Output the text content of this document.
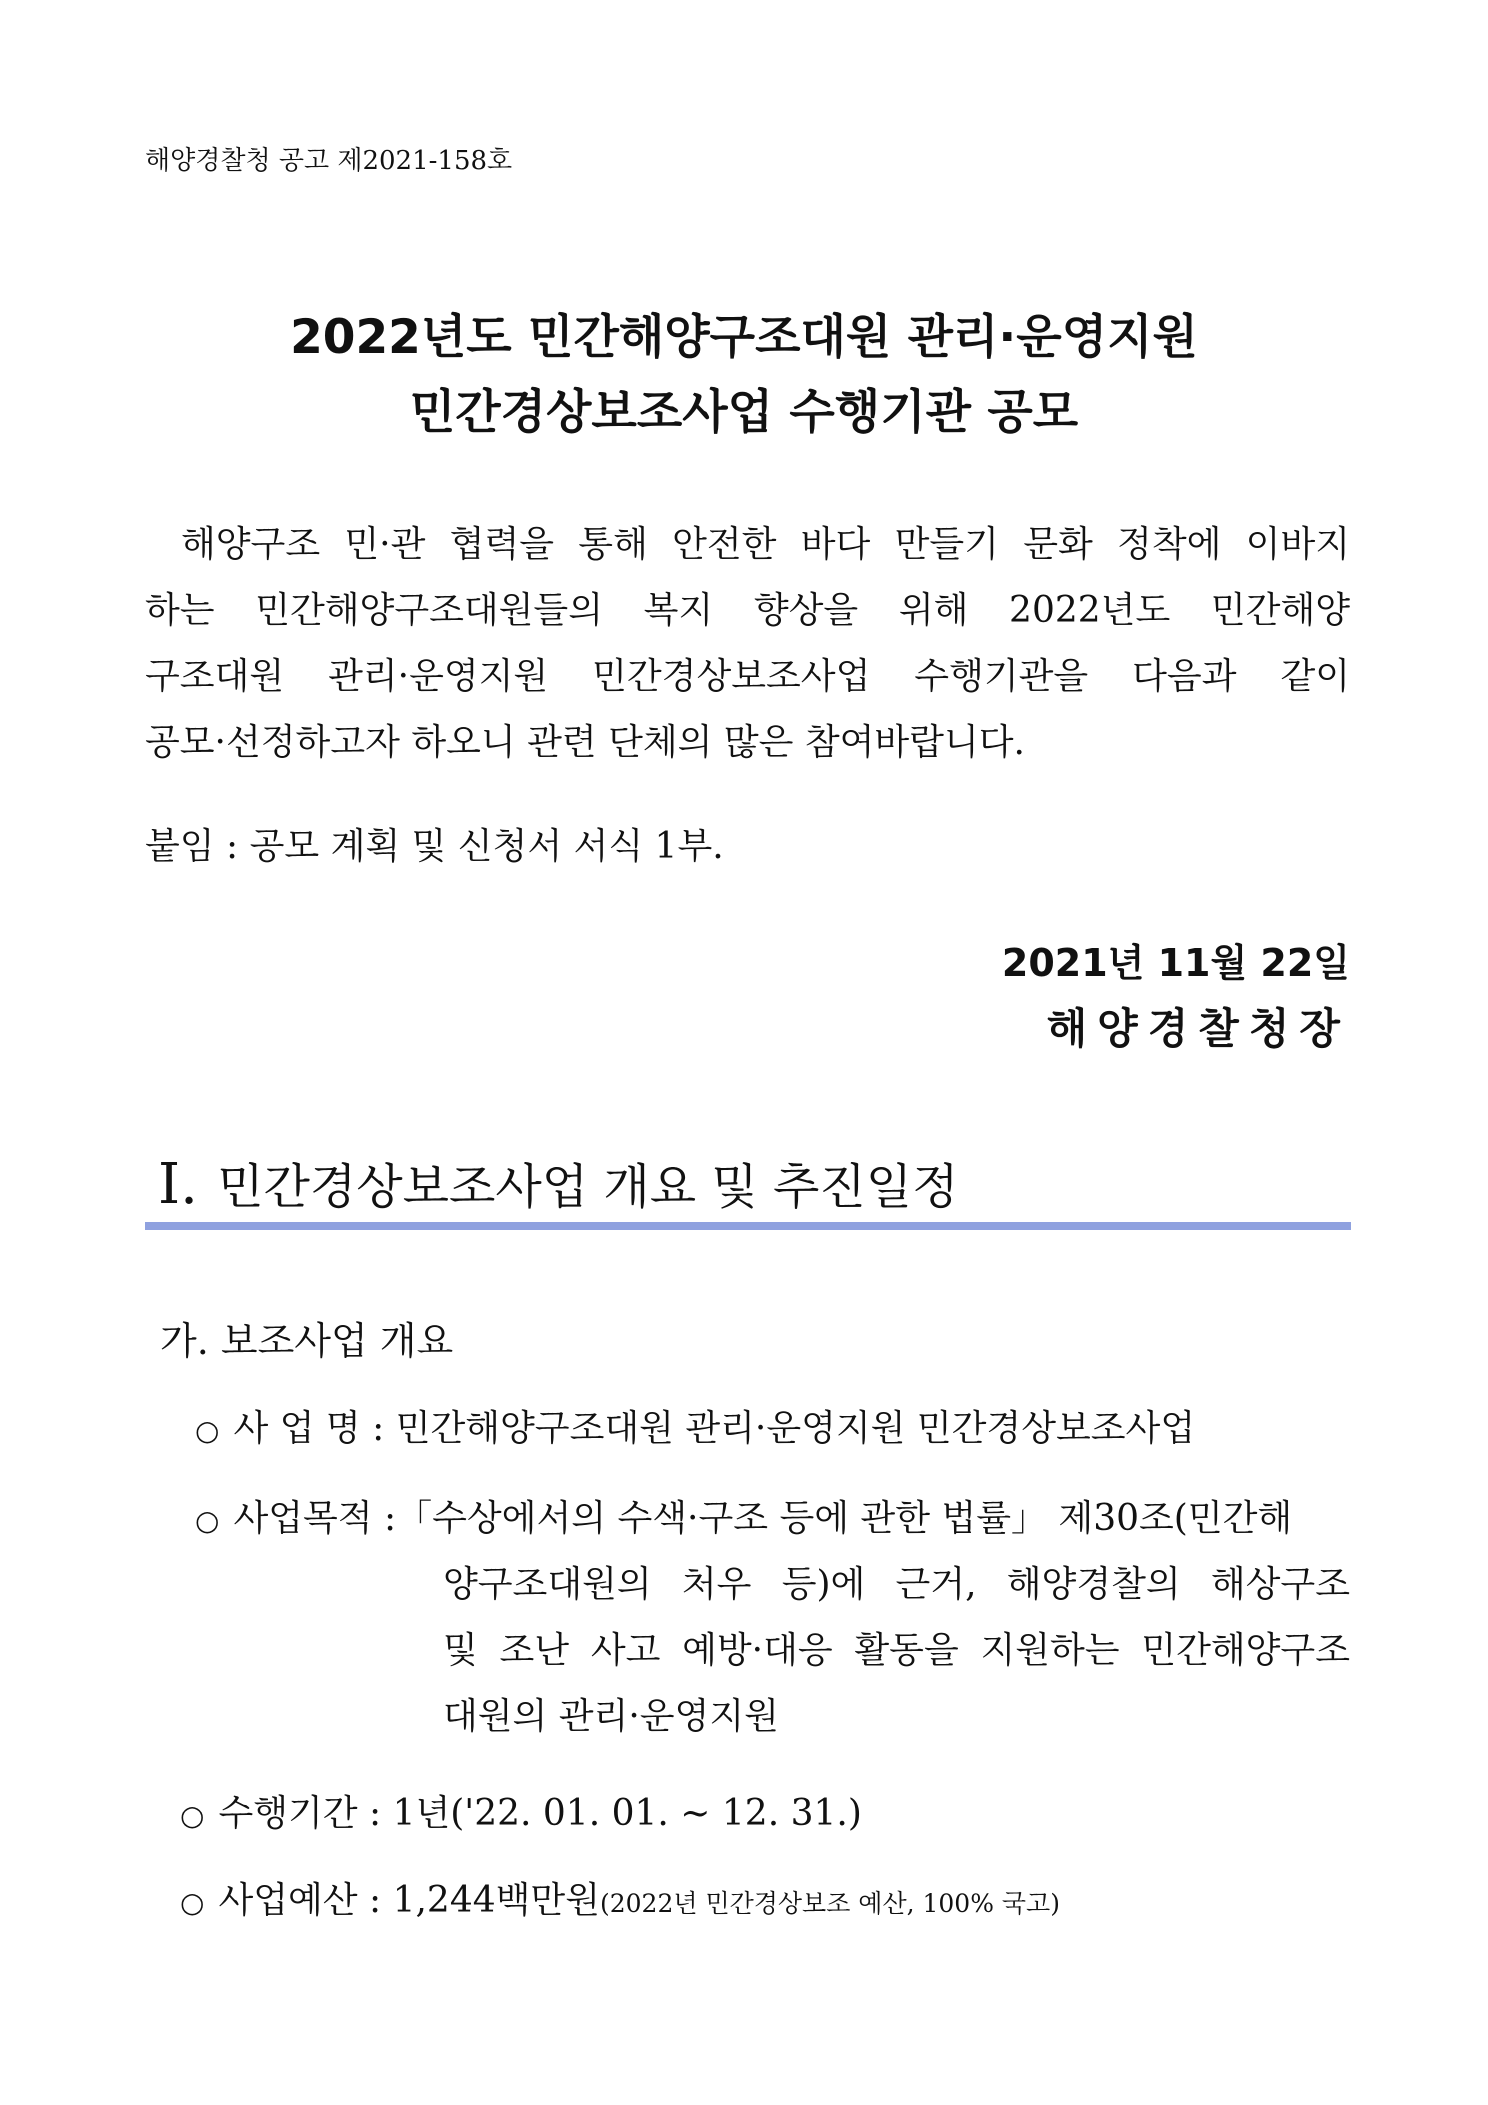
해양경찰청 공고 제2021-158호
2022년도 민간해양구조대원 관리·운영지원
민간경상보조사업 수행기관 공모
해양구조 민·관 협력을 통해 안전한 바다 만들기 문화 정착에 이바지
하는 민간해양구조대원들의 복지 향상을 위해 2022년도 민간해양
구조대원 관리·운영지원 민간경상보조사업 수행기관을 다음과 같이
공모·선정하고자 하오니 관련 단체의 많은 참여바랍니다.
붙임 : 공모 계획 및 신청서 서식 1부.
2021년 11월 22일
해양경찰청장
Ⅰ. 민간경상보조사업 개요 및 추진일정
가. 보조사업 개요
○ 사 업 명 : 민간해양구조대원 관리·운영지원 민간경상보조사업
○ 사업목적 :「수상에서의 수색·구조 등에 관한 법률」 제30조(민간해
양구조대원의 처우 등)에 근거, 해양경찰의 해상구조
및 조난 사고 예방·대응 활동을 지원하는 민간해양구조
대원의 관리·운영지원
○ 수행기간 : 1년('22. 01. 01. ~ 12. 31.)
○ 사업예산 : 1,244백만원(2022년 민간경상보조 예산, 100% 국고)
